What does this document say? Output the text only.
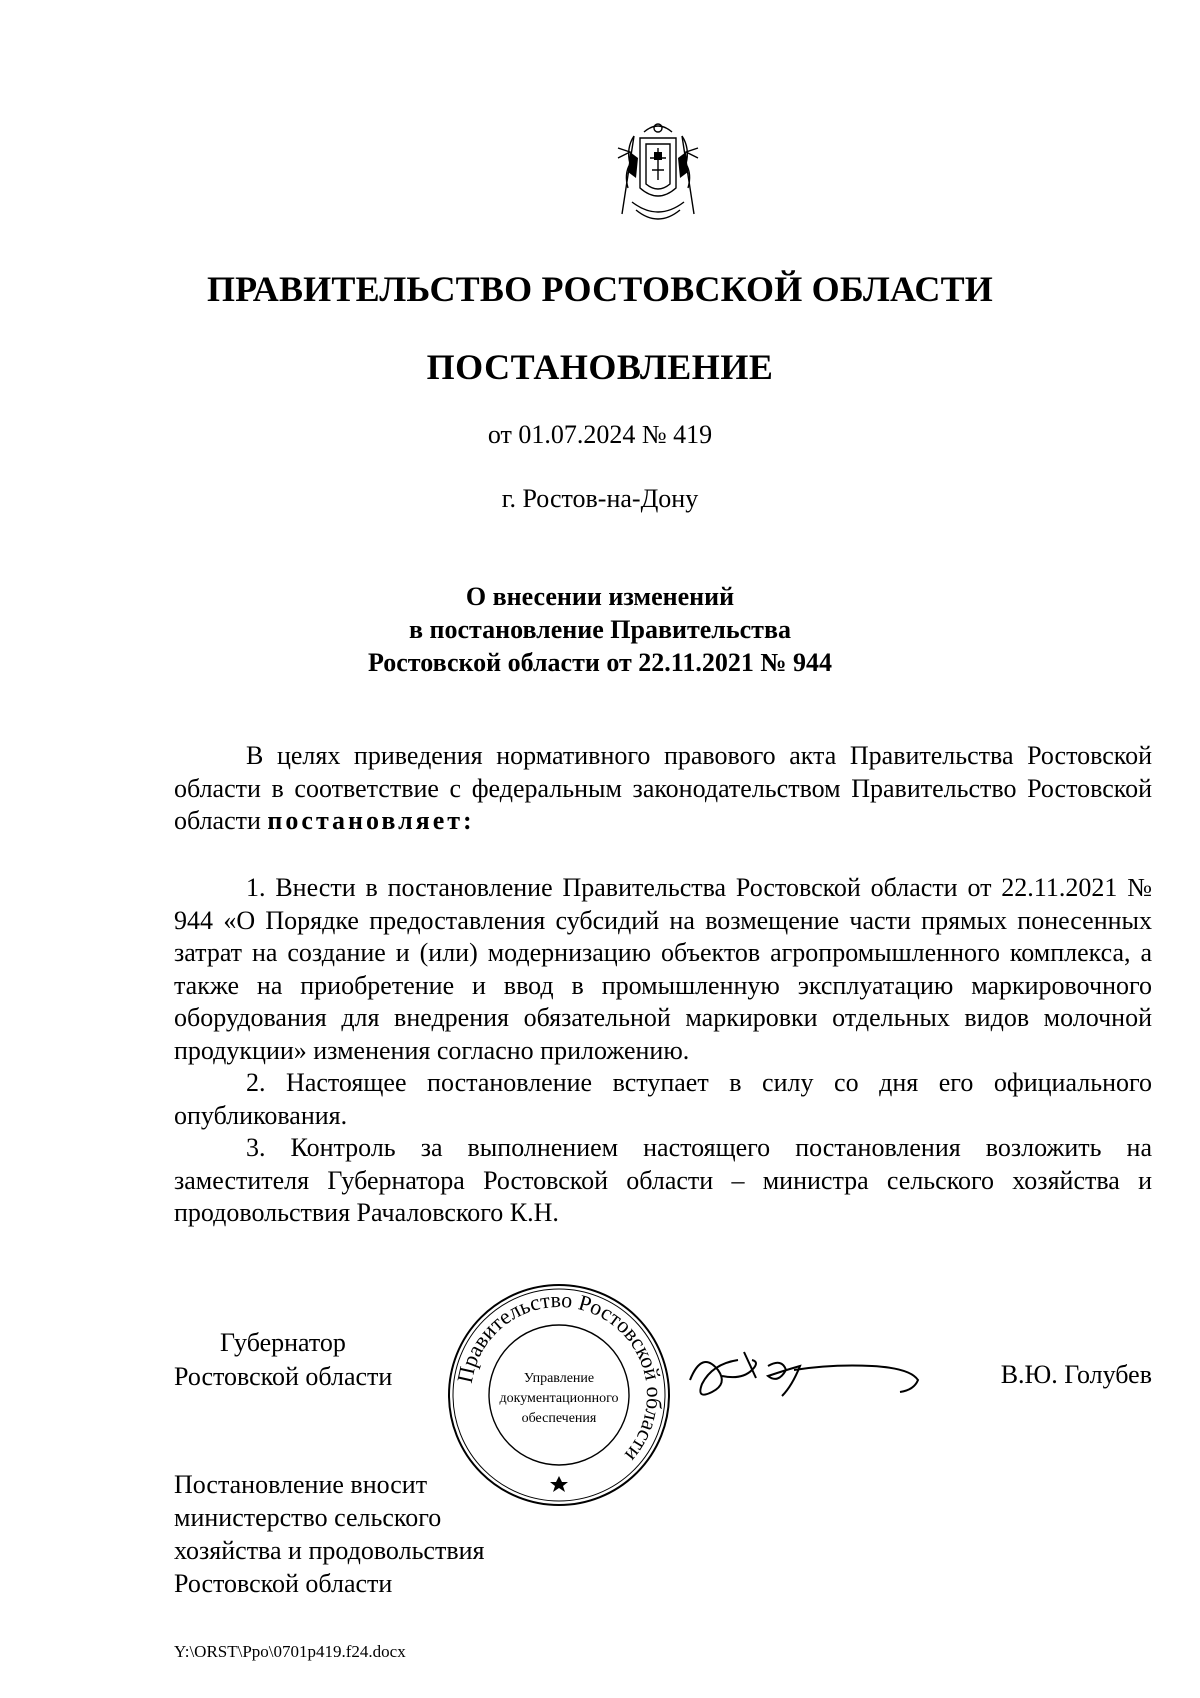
ПРАВИТЕЛЬСТВО РОСТОВСКОЙ ОБЛАСТИ
ПОСТАНОВЛЕНИЕ
от 01.07.2024 № 419
г. Ростов-на-Дону
О внесении изменений
в постановление Правительства
Ростовской области от 22.11.2021 № 944

В целях приведения нормативного правового акта Правительства Ростовской области в соответствие с федеральным законодательством Правительство Ростовской области постановляет:

1. Внести в постановление Правительства Ростовской области от 22.11.2021 № 944 «О Порядке предоставления субсидий на возмещение части прямых понесенных затрат на создание и (или) модернизацию объектов агропромышленного комплекса, а также на приобретение и ввод в промышленную эксплуатацию маркировочного оборудования для внедрения обязательной маркировки отдельных видов молочной продукции» изменения согласно приложению.

2. Настоящее постановление вступает в силу со дня его официального опубликования.

3. Контроль за выполнением настоящего постановления возложить на заместителя Губернатора Ростовской области – министра сельского хозяйства и продовольствия Рачаловского К.Н.

Губернатор
Ростовской области	Правительство Ростовской области
Управление
документационного
обеспечения
В.Ю. Голубев
Постановление вносит
министерство сельского
хозяйства и продовольствия
Ростовской области
Y:\ORST\Ppo\0701p419.f24.docx
